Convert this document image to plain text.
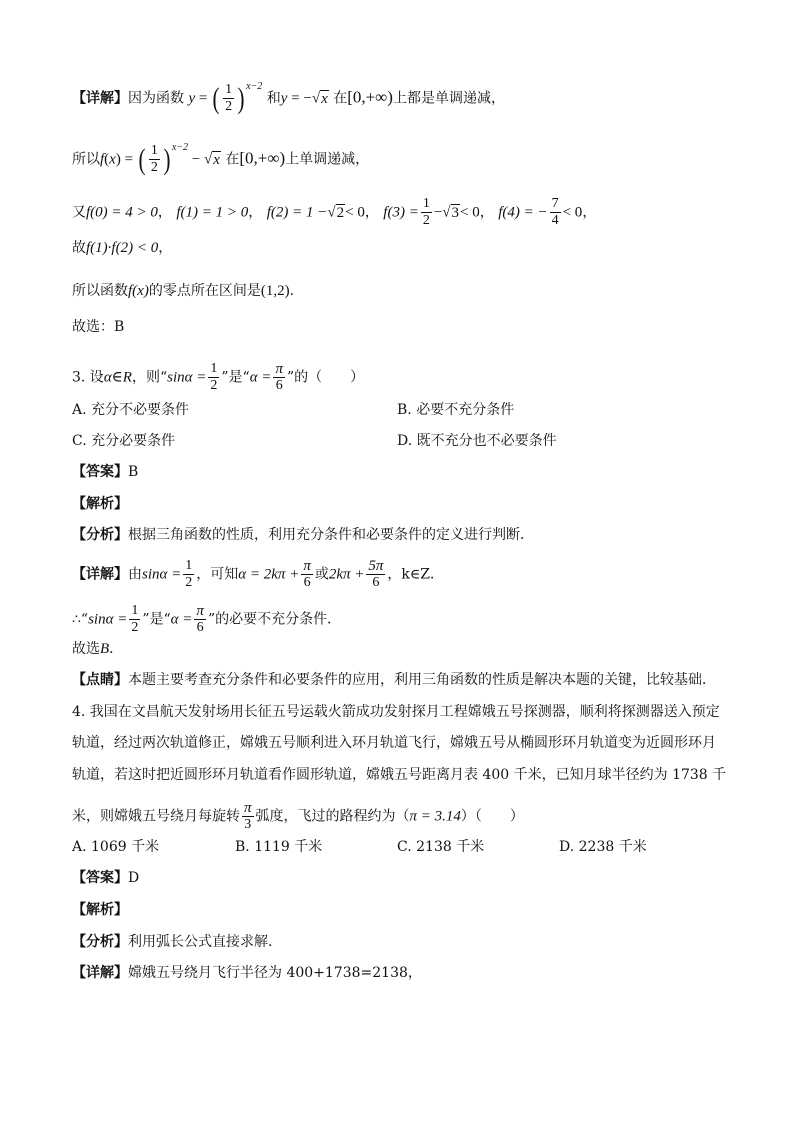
【详解】因为函数 y = ( $\frac{1}{2}$ ) $^{x-2}$ 和y = −√x 在[0,+∞)上都是单调递减，
所以f(x) = ( $\frac{1}{2}$ ) $^{x-2}$ − √x 在[0,+∞)上单调递减，
又f(0) = 4 > 0， f(1) = 1 > 0， f(2) = 1 −√2< 0， $f(3) = \frac{1}{2} -√3< 0$， f(4) = − $\frac{7}{4} < 0$，
故f(1)·f(2) < 0，
所以函数f(x)的零点所在区间是(1,2).
故选：B
3. 设α∈R，则“$\sin\alpha = \frac{1}{2}$ ”是“$\alpha = \frac{\pi}{6}$ ”的（　　）
A. 充分不必要条件	B. 必要不充分条件
C. 充分必要条件	D. 既不充分也不必要条件
【答案】B
【解析】
【分析】根据三角函数的性质，利用充分条件和必要条件的定义进行判断．
【详解】由$\sin\alpha = \frac{1}{2}$ ，可知$\alpha = 2k\pi + \frac{\pi}{6}$ 或$2k\pi + \frac{5\pi}{6}$ ，k∈Z．
∴“sinα = $\frac{1}{2}$ ”是“$\alpha = \frac{\pi}{6}$ ”的必要不充分条件．
故选B．
【点睛】本题主要考查充分条件和必要条件的应用，利用三角函数的性质是解决本题的关键，比较基础．
4. 我国在文昌航天发射场用长征五号运载火箭成功发射探月工程嫦娥五号探测器，顺利将探测器送入预定
轨道，经过两次轨道修正，嫦娥五号顺利进入环月轨道飞行，嫦娥五号从椭圆形环月轨道变为近圆形环月
轨道，若这时把近圆形环月轨道看作圆形轨道，嫦娥五号距离月表 400 千米，已知月球半径约为 1738 千
米，则嫦娥五号绕月每旋转 $\frac{\pi}{3}$ 弧度，飞过的路程约为（π = 3.14）（　　）
A. 1069 千米	B. 1119 千米	C. 2138 千米	D. 2238 千米
【答案】D
【解析】
【分析】利用弧长公式直接求解.
【详解】嫦娥五号绕月飞行半径为 400+1738=2138，
